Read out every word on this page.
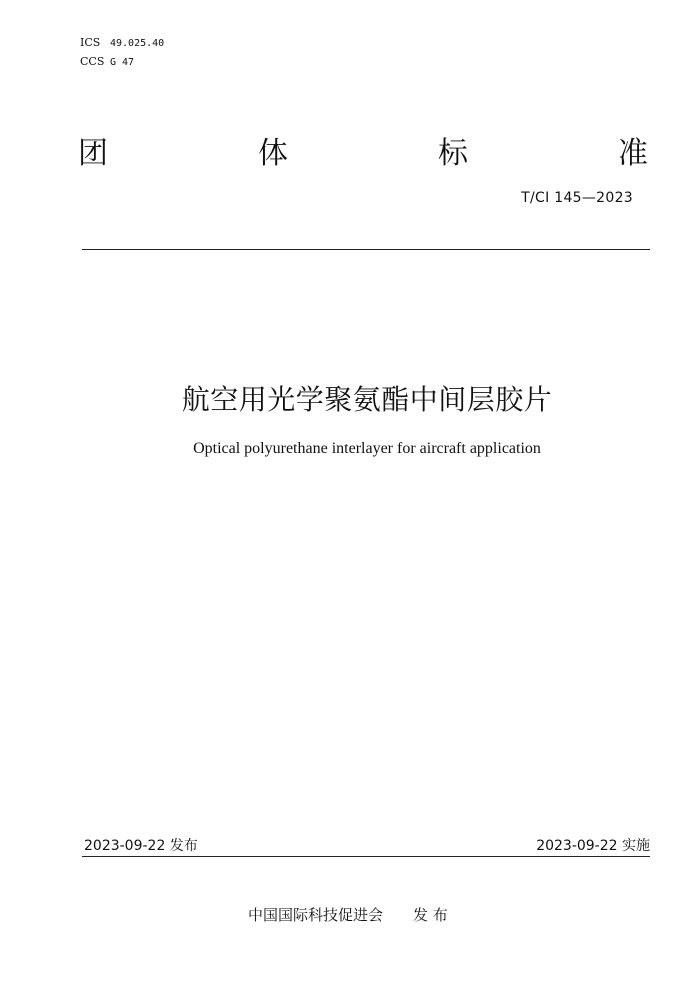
ICS 49.025.40
CCS G 47
团	体	标	准
T/CI 145—2023
航空用光学聚氨酯中间层胶片
Optical polyurethane interlayer for aircraft application
2023-09-22 发布	2023-09-22 实施
中国国际科技促进会 发 布
